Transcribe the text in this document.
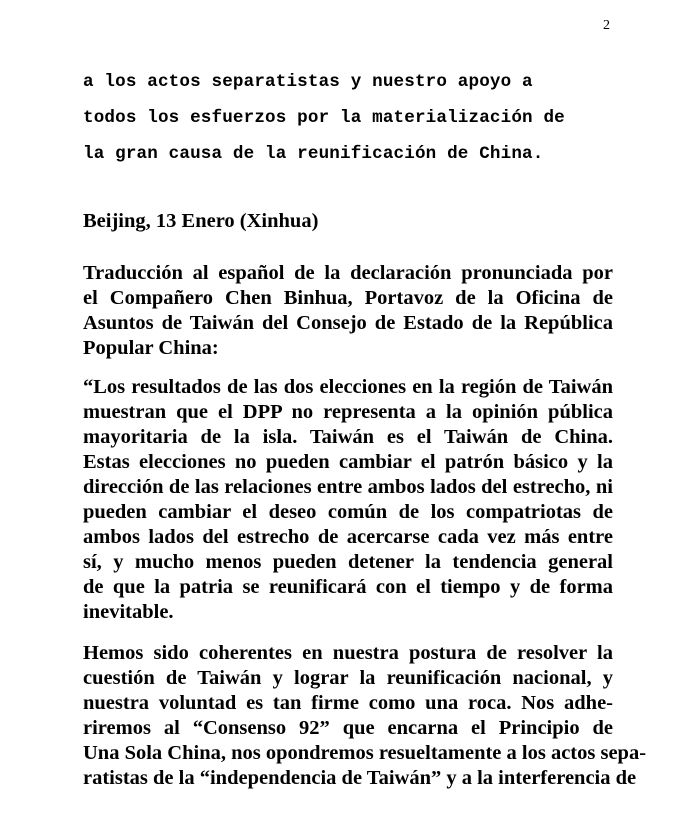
2
a los actos separatistas y nuestro apoyo a
todos los esfuerzos por la materialización de
la gran causa de la reunificación de China.
Beijing, 13 Enero (Xinhua)
Traducción al español de la declaración pronunciada por
el Compañero Chen Binhua, Portavoz de la Oficina de
Asuntos de Taiwán del Consejo de Estado de la República
Popular China:
“Los resultados de las dos elecciones en la región de Taiwán
muestran que el DPP no representa a la opinión pública
mayoritaria de la isla. Taiwán es el Taiwán de China.
Estas elecciones no pueden cambiar el patrón básico y la
dirección de las relaciones entre ambos lados del estrecho, ni
pueden cambiar el deseo común de los compatriotas de
ambos lados del estrecho de acercarse cada vez más entre
sí, y mucho menos pueden detener la tendencia general
de que la patria se reunificará con el tiempo y de forma
inevitable.
Hemos sido coherentes en nuestra postura de resolver la
cuestión de Taiwán y lograr la reunificación nacional, y
nuestra voluntad es tan firme como una roca. Nos adhe-
riremos al “Consenso 92” que encarna el Principio de
Una Sola China, nos opondremos resueltamente a los actos sepa-
ratistas de la “independencia de Taiwán” y a la interferencia de
